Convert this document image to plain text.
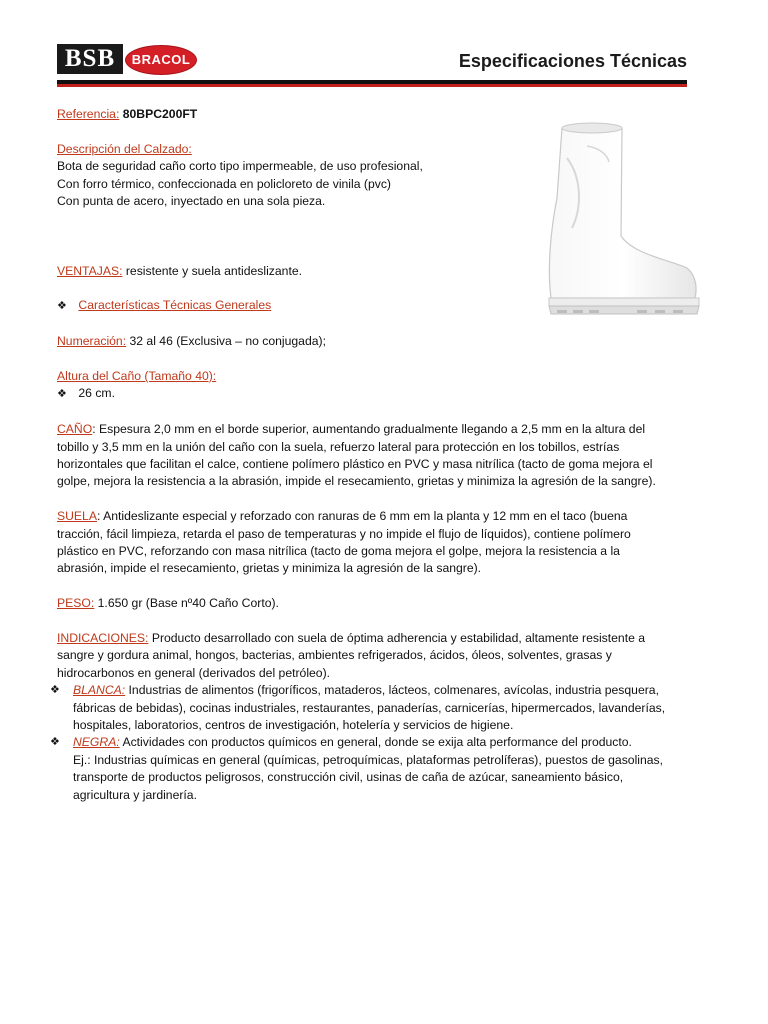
BSB	BRACOL	Especificaciones Técnicas

Referencia: 80BPC200FT

Descripción del Calzado:

Bota de seguridad caño corto tipo impermeable, de uso profesional,

Con forro térmico, confeccionada en policloreto de vinila (pvc)

Con punta de acero, inyectado en una sola pieza.

VENTAJAS: resistente y suela antideslizante.

❖ Características Técnicas Generales

Numeración: 32 al 46 (Exclusiva – no conjugada);

Altura del Caño (Tamaño 40):

❖ 26 cm.

CAÑO: Espesura 2,0 mm en el borde superior, aumentando gradualmente llegando a 2,5 mm en la altura del tobillo y 3,5 mm en la unión del caño con la suela, refuerzo lateral para protección en los tobillos, estrías horizontales que facilitan el calce, contiene polímero plástico en PVC y masa nitrílica (tacto de goma mejora el golpe, mejora la resistencia a la abrasión, impide el resecamiento, grietas y minimiza la agresión de la sangre).

SUELA: Antideslizante especial y reforzado con ranuras de 6 mm em la planta y 12 mm en el taco (buena tracción, fácil limpieza, retarda el paso de temperaturas y no impide el flujo de líquidos), contiene polímero plástico en PVC, reforzando con masa nitrílica (tacto de goma mejora el golpe, mejora la resistencia a la abrasión, impide el resecamiento, grietas y minimiza la agresión de la sangre).

PESO: 1.650 gr (Base nº40 Caño Corto).

INDICACIONES: Producto desarrollado con suela de óptima adherencia y estabilidad, altamente resistente a sangre y gordura animal, hongos, bacterias, ambientes refrigerados, ácidos, óleos, solventes, grasas y hidrocarbonos en general (derivados del petróleo).

❖ BLANCA: Industrias de alimentos (frigoríficos, mataderos, lácteos, colmenares, avícolas, industria pesquera, fábricas de bebidas), cocinas industriales, restaurantes, panaderías, carnicerías, hipermercados, lavanderías, hospitales, laboratorios, centros de investigación, hotelería y servicios de higiene.

❖ NEGRA: Actividades con productos químicos en general, donde se exija alta performance del producto.
Ej.: Industrias químicas en general (químicas, petroquímicas, plataformas petrolíferas), puestos de gasolinas, transporte de productos peligrosos, construcción civil, usinas de caña de azúcar, saneamiento básico, agricultura y jardinería.
